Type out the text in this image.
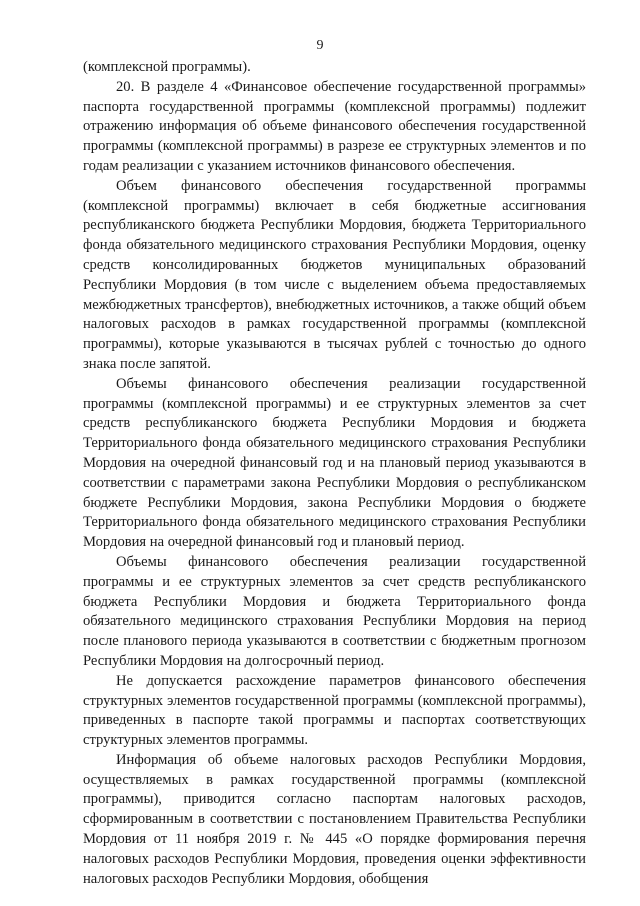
9

(комплексной программы).

20. В разделе 4 «Финансовое обеспечение государственной программы» паспорта государственной программы (комплексной программы) подлежит отражению информация об объеме финансового обеспечения государственной программы (комплексной программы) в разрезе ее структурных элементов и по годам реализации с указанием источников финансового обеспечения.

Объем финансового обеспечения государственной программы (комплексной программы) включает в себя бюджетные ассигнования республиканского бюджета Республики Мордовия, бюджета Территориального фонда обязательного медицинского страхования Республики Мордовия, оценку средств консолидированных бюджетов муниципальных образований Республики Мордовия (в том числе с выделением объема предоставляемых межбюджетных трансфертов), внебюджетных источников, а также общий объем налоговых расходов в рамках государственной программы (комплексной программы), которые указываются в тысячах рублей с точностью до одного знака после запятой.

Объемы финансового обеспечения реализации государственной программы (комплексной программы) и ее структурных элементов за счет средств республиканского бюджета Республики Мордовия и бюджета Территориального фонда обязательного медицинского страхования Республики Мордовия на очередной финансовый год и на плановый период указываются в соответствии с параметрами закона Республики Мордовия о республиканском бюджете Республики Мордовия, закона Республики Мордовия о бюджете Территориального фонда обязательного медицинского страхования Республики Мордовия на очередной финансовый год и плановый период.

Объемы финансового обеспечения реализации государственной программы и ее структурных элементов за счет средств республиканского бюджета Республики Мордовия и бюджета Территориального фонда обязательного медицинского страхования Республики Мордовия на период после планового периода указываются в соответствии с бюджетным прогнозом Республики Мордовия на долгосрочный период.

Не допускается расхождение параметров финансового обеспечения структурных элементов государственной программы (комплексной программы), приведенных в паспорте такой программы и паспортах соответствующих структурных элементов программы.

Информация об объеме налоговых расходов Республики Мордовия, осуществляемых в рамках государственной программы (комплексной программы), приводится согласно паспортам налоговых расходов, сформированным в соответствии с постановлением Правительства Республики Мордовия от 11 ноября 2019 г. № 445 «О порядке формирования перечня налоговых расходов Республики Мордовия, проведения оценки эффективности налоговых расходов Республики Мордовия, обобщения
